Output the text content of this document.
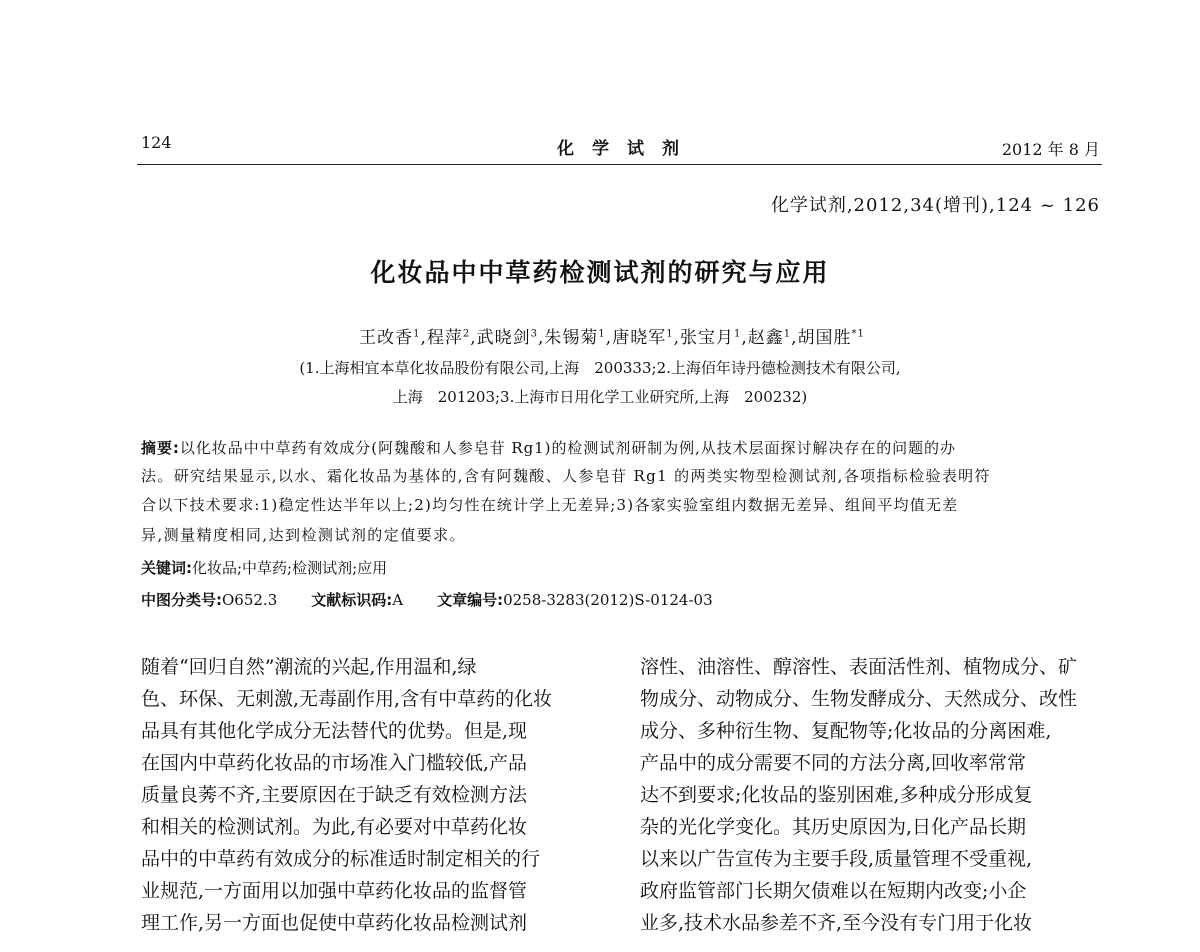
124	化学试剂	2012 年 8 月
化学试剂,2012,34(增刊),124 ~ 126
化妆品中中草药检测试剂的研究与应用
王改香$^1$,程萍$^2$,武晓剑$^3$,朱锡菊$^1$,唐晓军$^1$,张宝月$^1$,赵鑫$^1$,胡国胜$^{*1}$
(1.上海相宜本草化妆品股份有限公司,上海　200333;2.上海佰年诗丹德检测技术有限公司,
上海　201203;3.上海市日用化学工业研究所,上海　200232)
摘要:以化妆品中中草药有效成分(阿魏酸和人参皂苷 Rg1)的检测试剂研制为例,从技术层面探讨解决存在的问题的办
法。研究结果显示,以水、霜化妆品为基体的,含有阿魏酸、人参皂苷 Rg1 的两类实物型检测试剂,各项指标检验表明符
合以下技术要求:1)稳定性达半年以上;2)均匀性在统计学上无差异;3)各家实验室组内数据无差异、组间平均值无差
异,测量精度相同,达到检测试剂的定值要求。
关键词:化妆品;中草药;检测试剂;应用
中图分类号:O652.3 文献标识码:A 文章编号:0258-3283(2012)S-0124-03
随着“回归自然”潮流的兴起,作用温和,绿
色、环保、无刺激,无毒副作用,含有中草药的化妆
品具有其他化学成分无法替代的优势。但是,现
在国内中草药化妆品的市场准入门槛较低,产品
质量良莠不齐,主要原因在于缺乏有效检测方法
和相关的检测试剂。为此,有必要对中草药化妆
品中的中草药有效成分的标准适时制定相关的行
业规范,一方面用以加强中草药化妆品的监督管
理工作,另一方面也促使中草药化妆品检测试剂
溶性、油溶性、醇溶性、表面活性剂、植物成分、矿
物成分、动物成分、生物发酵成分、天然成分、改性
成分、多种衍生物、复配物等;化妆品的分离困难,
产品中的成分需要不同的方法分离,回收率常常
达不到要求;化妆品的鉴别困难,多种成分形成复
杂的光化学变化。其历史原因为,日化产品长期
以来以广告宣传为主要手段,质量管理不受重视,
政府监管部门长期欠债难以在短期内改变;小企
业多,技术水品参差不齐,至今没有专门用于化妆
